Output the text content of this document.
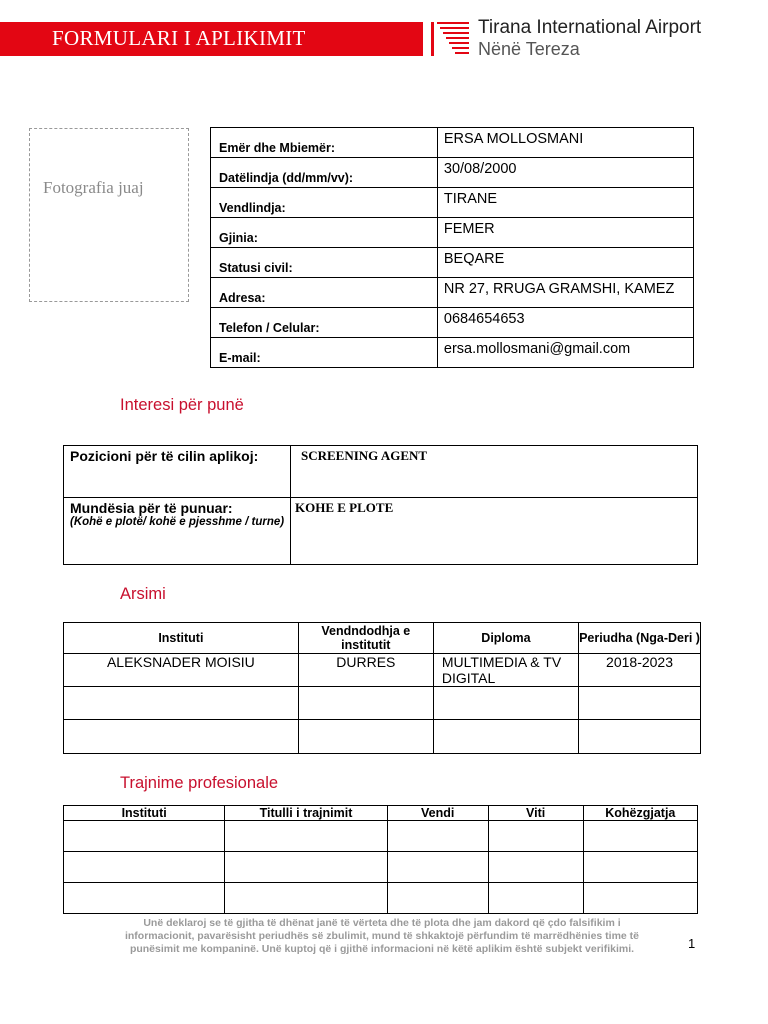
FORMULARI I APLIKIMIT	Tirana International Airport
Nënë Tereza
Fotografia juaj
Emër dhe Mbiemër:	ERSA MOLLOSMANI
Datëlindja (dd/mm/vv):	30/08/2000
Vendlindja:	TIRANE
Gjinia:	FEMER
Statusi civil:	BEQARE
Adresa:	NR 27, RRUGA GRAMSHI, KAMEZ
Telefon / Celular:	0684654653
E-mail:	ersa.mollosmani@gmail.com
Interesi për punë
Pozicioni për të cilin aplikoj:	SCREENING AGENT
Mundësia për të punuar:
(Kohë e plotë/ kohë e pjesshme / turne)	KOHE E PLOTE
Arsimi
Instituti	Vendndodhja e institutit	Diploma	Periudha (Nga-Deri )
ALEKSNADER MOISIU	DURRES	MULTIMEDIA & TV DIGITAL	2018-2023

Trajnime profesionale
Instituti	Titulli i trajnimit	Vendi	Viti	Kohëzgjatja

Unë deklaroj se të gjitha të dhënat janë të vërteta dhe të plota dhe jam dakord që çdo falsifikim i informacionit, pavarësisht periudhës së zbulimit, mund të shkaktojë përfundim të marrëdhënies time të punësimit me kompaninë. Unë kuptoj që i gjithë informacioni në këtë aplikim është subjekt verifikimi.	1
